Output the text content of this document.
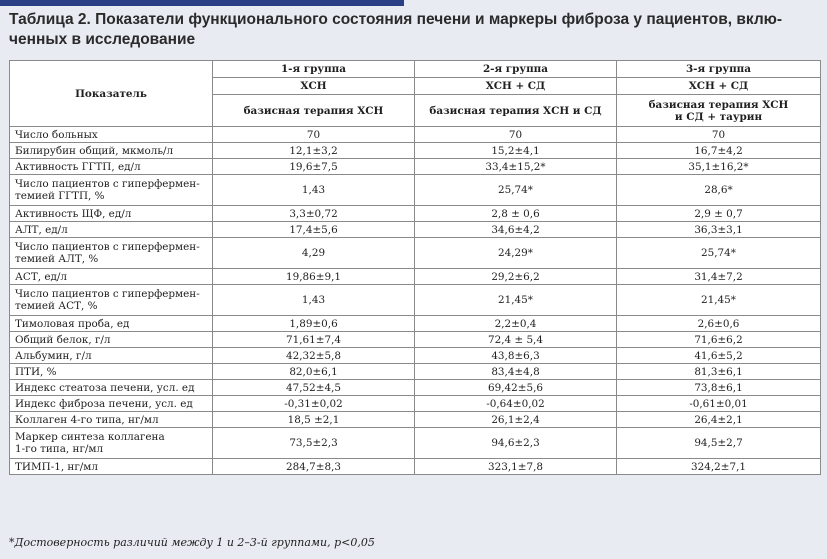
Таблица 2. Показатели функционального состояния печени и маркеры фиброза у пациентов, вклю-
ченных в исследование
Показатель	1-я группа	2-я группа	3-я группа
	ХСН	ХСН + СД	ХСН + СД
	базисная терапия ХСН	базисная терапия ХСН и СД	базисная терапия ХСН
и СД + таурин
Число больных	70	70	70
Билирубин общий, мкмоль/л	12,1±3,2	15,2±4,1	16,7±4,2
Активность ГГТП, ед/л	19,6±7,5	33,4±15,2*	35,1±16,2*
Число пациентов с гиперфермен-
темией ГГТП, %	1,43	25,74*	28,6*
Активность ЩФ, ед/л	3,3±0,72	2,8 ± 0,6	2,9 ± 0,7
АЛТ, ед/л	17,4±5,6	34,6±4,2	36,3±3,1
Число пациентов с гиперфермен-
темией АЛТ, %	4,29	24,29*	25,74*
АСТ, ед/л	19,86±9,1	29,2±6,2	31,4±7,2
Число пациентов с гиперфермен-
темией АСТ, %	1,43	21,45*	21,45*
Тимоловая проба, ед	1,89±0,6	2,2±0,4	2,6±0,6
Общий белок, г/л	71,61±7,4	72,4 ± 5,4	71,6±6,2
Альбумин, г/л	42,32±5,8	43,8±6,3	41,6±5,2
ПТИ, %	82,0±6,1	83,4±4,8	81,3±6,1
Индекс стеатоза печени, усл. ед	47,52±4,5	69,42±5,6	73,8±6,1
Индекс фиброза печени, усл. ед	-0,31±0,02	-0,64±0,02	-0,61±0,01
Коллаген 4-го типа, нг/мл	18,5 ±2,1	26,1±2,4	26,4±2,1
Маркер синтеза коллагена
1-го типа, нг/мл	73,5±2,3	94,6±2,3	94,5±2,7
ТИМП-1, нг/мл	284,7±8,3	323,1±7,8	324,2±7,1
*Достоверность различий между 1 и 2–3-й группами, p<0,05
